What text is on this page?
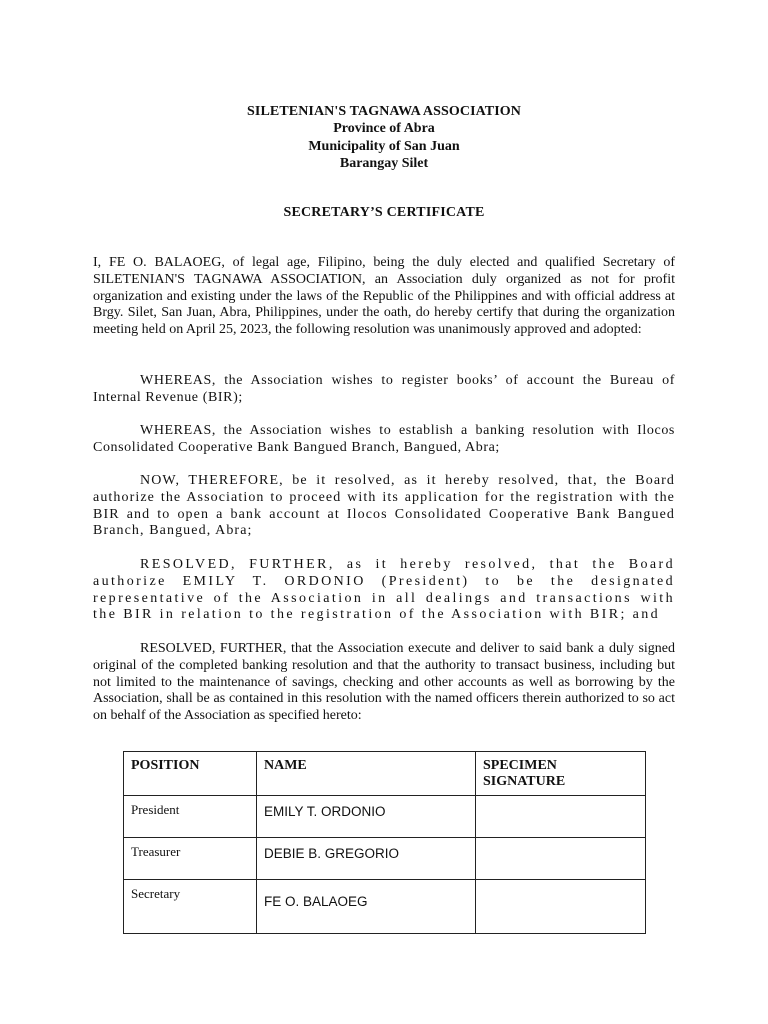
SILETENIAN'S TAGNAWA ASSOCIATION
Province of Abra
Municipality of San Juan
Barangay Silet
SECRETARY’S CERTIFICATE

I, FE O. BALAOEG, of legal age, Filipino, being the duly elected and qualified Secretary of SILETENIAN'S TAGNAWA ASSOCIATION, an Association duly organized as not for profit organization and existing under the laws of the Republic of the Philippines and with official address at Brgy. Silet, San Juan, Abra, Philippines, under the oath, do hereby certify that during the organization meeting held on April 25, 2023, the following resolution was unanimously approved and adopted:

WHEREAS, the Association wishes to register books’ of account the Bureau of Internal Revenue (BIR);

WHEREAS, the Association wishes to establish a banking resolution with Ilocos Consolidated Cooperative Bank Bangued Branch, Bangued, Abra;

NOW, THEREFORE, be it resolved, as it hereby resolved, that, the Board authorize the Association to proceed with its application for the registration with the BIR and to open a bank account at Ilocos Consolidated Cooperative Bank Bangued Branch, Bangued, Abra;

RESOLVED, FURTHER, as it hereby resolved, that the Board authorize EMILY T. ORDONIO (President) to be the designated representative of the Association in all dealings and transactions with the BIR in relation to the registration of the Association with BIR; and

RESOLVED, FURTHER, that the Association execute and deliver to said bank a duly signed original of the completed banking resolution and that the authority to transact business, including but not limited to the maintenance of savings, checking and other accounts as well as borrowing by the Association, shall be as contained in this resolution with the named officers therein authorized to so act on behalf of the Association as specified hereto:

POSITION	NAME	SPECIMEN SIGNATURE
President	EMILY T. ORDONIO	
Treasurer	DEBIE B. GREGORIO	
Secretary	FE O. BALAOEG	
